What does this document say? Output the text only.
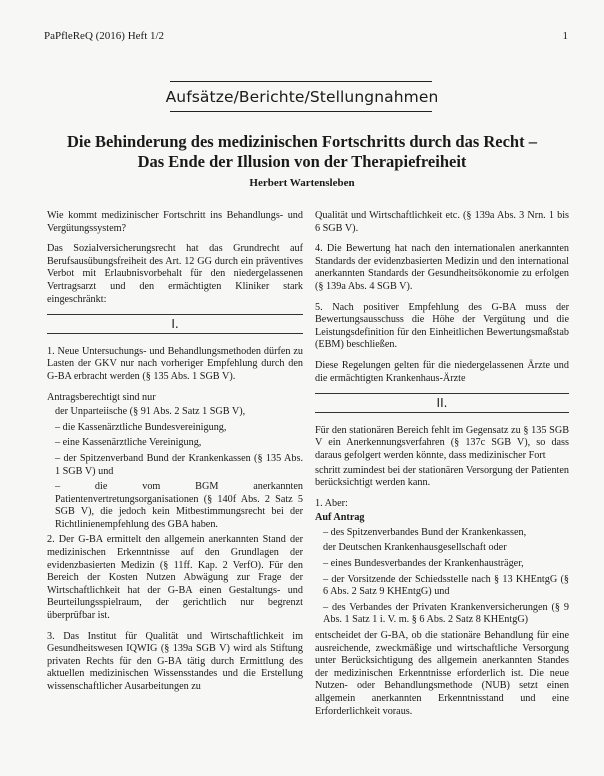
PaPfleReQ (2016) Heft 1/2	1
Aufsätze/Berichte/Stellungnahmen
Die Behinderung des medizinischen Fortschritts durch das Recht –
Das Ende der Illusion von der Therapiefreiheit
Herbert Wartensleben

Wie kommt medizinischer Fortschritt ins Behandlungs- und Vergütungssystem?

Das Sozialversicherungsrecht hat das Grundrecht auf Berufsausübungsfreiheit des Art. 12 GG durch ein präventives Verbot mit Erlaubnisvorbehalt für den niedergelassenen Vertragsarzt und den ermächtigten Kliniker stark eingeschränkt:

I.

1. Neue Untersuchungs- und Behandlungsmethoden dürfen zu Lasten der GKV nur nach vorheriger Empfehlung durch den G-BA erbracht werden (§ 135 Abs. 1 SGB V).

Antragsberechtigt sind nur

der Unparteiische (§ 91 Abs. 2 Satz 1 SGB V),

– die Kassenärztliche Bundesvereinigung,

– eine Kassenärztliche Vereinigung,

– der Spitzenverband Bund der Krankenkassen (§ 135 Abs. 1 SGB V) und

– die vom BGM anerkannten Patientenvertretungsorganisationen (§ 140f Abs. 2 Satz 5 SGB V), die jedoch kein Mitbestimmungsrecht bei der Richtlinienempfehlung des GBA haben.

2. Der G-BA ermittelt den allgemein anerkannten Stand der medizinischen Erkenntnisse auf den Grundlagen der evidenzbasierten Medizin (§ 11ff. Kap. 2 VerfO). Für den Bereich der Kosten Nutzen Abwägung zur Frage der Wirtschaftlichkeit hat der G-BA einen Gestaltungs- und Beurteilungsspielraum, der gerichtlich nur begrenzt überprüfbar ist.

3. Das Institut für Qualität und Wirtschaftlichkeit im Gesundheitswesen IQWIG (§ 139a SGB V) wird als Stiftung privaten Rechts für den G-BA tätig durch Ermittlung des aktuellen medizinischen Wissensstandes und die Erstellung wissenschaftlicher Ausarbeitungen zu

Qualität und Wirtschaftlichkeit etc. (§ 139a Abs. 3 Nrn. 1 bis 6 SGB V).

4. Die Bewertung hat nach den internationalen anerkannten Standards der evidenzbasierten Medizin und den international anerkannten Standards der Gesundheitsökonomie zu erfolgen (§ 139a Abs. 4 SGB V).

5. Nach positiver Empfehlung des G-BA muss der Bewertungsausschuss die Höhe der Vergütung und die Leistungsdefinition für den Einheitlichen Bewertungsmaßstab (EBM) beschließen.

Diese Regelungen gelten für die niedergelassenen Ärzte und die ermächtigten Krankenhaus-Ärzte

II.

Für den stationären Bereich fehlt im Gegensatz zu § 135 SGB V ein Anerkennungsverfahren (§ 137c SGB V), so dass daraus gefolgert werden könnte, dass medizinischer Fort

schritt zumindest bei der stationären Versorgung der Patienten berücksichtigt werden kann.

1. Aber:

Auf Antrag

– des Spitzenverbandes Bund der Krankenkassen,

der Deutschen Krankenhausgesellschaft oder

– eines Bundesverbandes der Krankenhausträger,

– der Vorsitzende der Schiedsstelle nach § 13 KHEntgG (§ 6 Abs. 2 Satz 9 KHEntgG) und

– des Verbandes der Privaten Krankenversicherungen (§ 9 Abs. 1 Satz 1 i. V. m. § 6 Abs. 2 Satz 8 KHEntgG)

entscheidet der G-BA, ob die stationäre Behandlung für eine ausreichende, zweckmäßige und wirtschaftliche Versorgung unter Berücksichtigung des allgemein anerkannten Standes der medizinischen Erkenntnisse erforderlich ist. Die neue Nutzen- oder Behandlungsmethode (NUB) setzt einen allgemein anerkannten Erkenntnisstand und eine Erforderlichkeit voraus.
